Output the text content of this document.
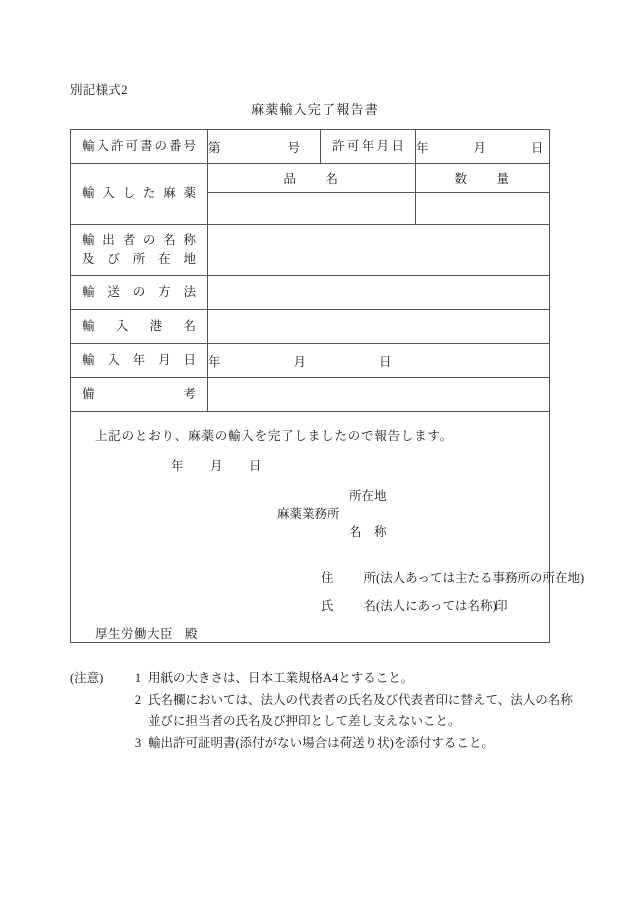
別記様式2
麻薬輸入完了報告書
輸入許可書の番号	第 号	許可年月日	年 月 日

輸入した麻薬	品　　名		数　　量

輸出者の名称
及び所在地			

輸送の方法			

輸入港名			

輸入年月日	年 月 日		

備考			

上記のとおり、麻薬の輸入を完了しましたので報告します。
年 月 日
所在地
麻薬業務所
名　称
住 所(法人あっては主たる事務所の所在地)
氏 名(法人にあっては名称)
印
厚生労働大臣 殿
(注意)	1 用紙の大きさは、日本工業規格A4とすること。
2 氏名欄においては、法人の代表者の氏名及び代表者印に替えて、法人の名称
並びに担当者の氏名及び押印として差し支えないこと。
3 輸出許可証明書(添付がない場合は荷送り状)を添付すること。
